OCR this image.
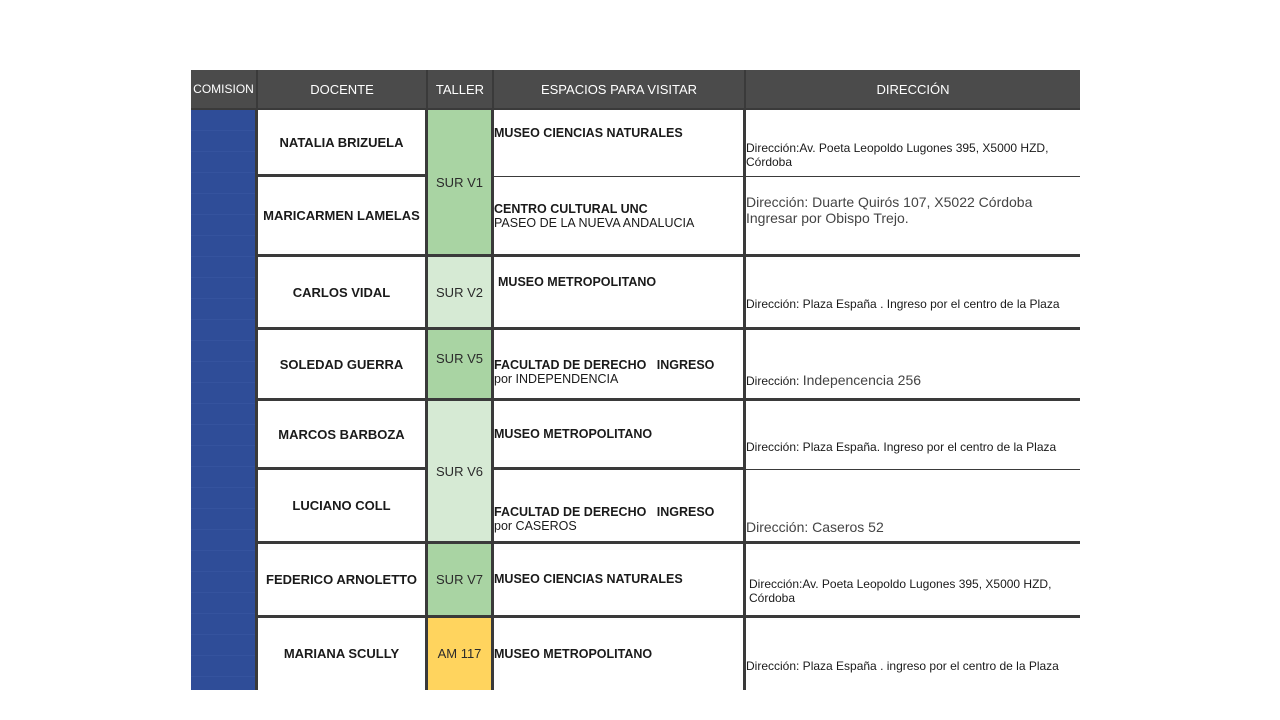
COMISION	DOCENTE	TALLER	ESPACIOS PARA VISITAR	DIRECCIÓN
	NATALIA BRIZUELA	SUR V1	MUSEO CIENCIAS NATURALES	Dirección:Av. Poeta Leopoldo Lugones 395, X5000 HZD, Córdoba

	MARICARMEN LAMELAS		CENTRO CULTURAL UNC
PASEO DE LA NUEVA ANDALUCIA	Dirección: Duarte Quirós 107, X5022 Córdoba Ingresar por Obispo Trejo.

	CARLOS VIDAL	SUR V2	MUSEO METROPOLITANO	Dirección: Plaza España . Ingreso por el centro de la Plaza

	SOLEDAD GUERRA	SUR V5	FACULTAD DE DERECHO   INGRESO
por INDEPENDENCIA	Dirección: Indepencencia 256

	MARCOS BARBOZA	SUR V6	MUSEO METROPOLITANO	Dirección: Plaza España. Ingreso por el centro de la Plaza

	LUCIANO COLL		FACULTAD DE DERECHO   INGRESO
por CASEROS	Dirección: Caseros 52

	FEDERICO ARNOLETTO	SUR V7	MUSEO CIENCIAS NATURALES	Dirección:Av. Poeta Leopoldo Lugones 395, X5000 HZD, Córdoba

	MARIANA SCULLY	AM 117	MUSEO METROPOLITANO	Dirección: Plaza España . ingreso por el centro de la Plaza
